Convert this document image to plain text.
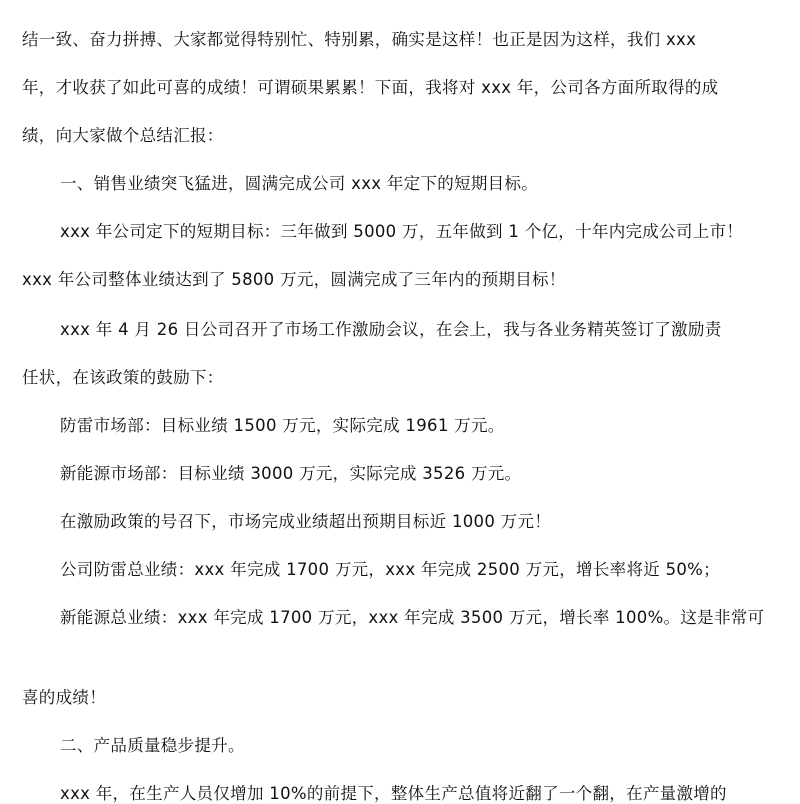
结一致、奋力拼搏、大家都觉得特别忙、特别累，确实是这样！也正是因为这样，我们 xxx
年，才收获了如此可喜的成绩！可谓硕果累累！下面，我将对 xxx 年，公司各方面所取得的成
绩，向大家做个总结汇报：
一、销售业绩突飞猛进，圆满完成公司 xxx 年定下的短期目标。
xxx 年公司定下的短期目标：三年做到 5000 万，五年做到 1 个亿，十年内完成公司上市！
xxx 年公司整体业绩达到了 5800 万元，圆满完成了三年内的预期目标！
xxx 年 4 月 26 日公司召开了市场工作激励会议，在会上，我与各业务精英签订了激励责
任状，在该政策的鼓励下：
防雷市场部：目标业绩 1500 万元，实际完成 1961 万元。
新能源市场部：目标业绩 3000 万元，实际完成 3526 万元。
在激励政策的号召下，市场完成业绩超出预期目标近 1000 万元！
公司防雷总业绩：xxx 年完成 1700 万元，xxx 年完成 2500 万元，增长率将近 50%；
新能源总业绩：xxx 年完成 1700 万元，xxx 年完成 3500 万元，增长率 100%。这是非常可
喜的成绩！
二、产品质量稳步提升。
xxx 年，在生产人员仅增加 10%的前提下，整体生产总值将近翻了一个翻，在产量激增的
